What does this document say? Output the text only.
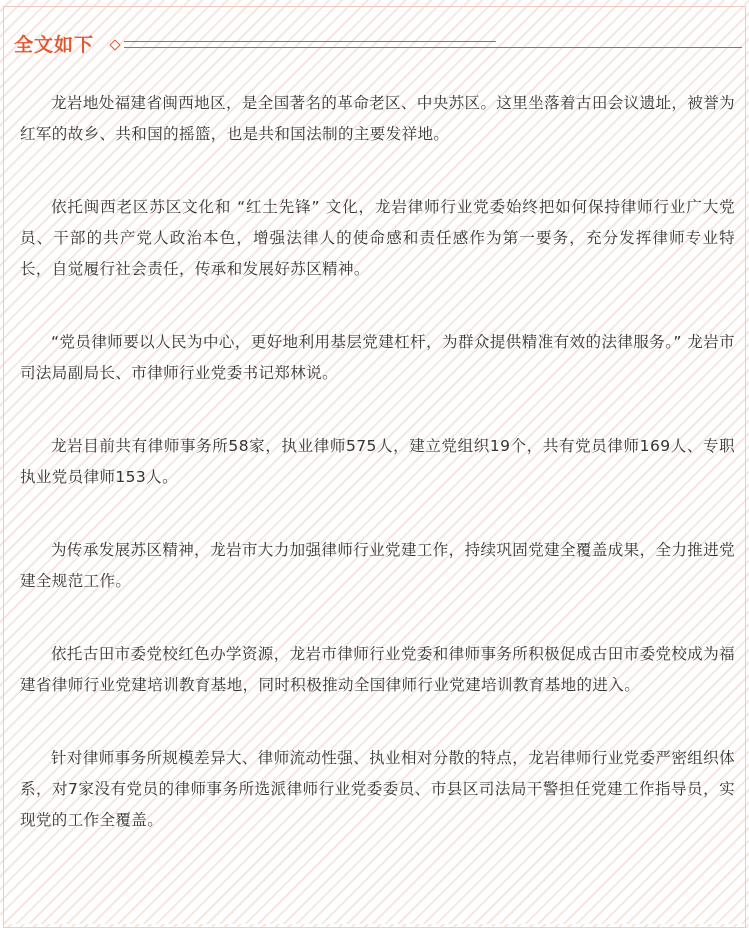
全文如下

龙岩地处福建省闽西地区，是全国著名的革命老区、中央苏区。这里坐落着古田会议遗址，被誉为红军的故乡、共和国的摇篮，也是共和国法制的主要发祥地。

依托闽西老区苏区文化和 “红土先锋” 文化，龙岩律师行业党委始终把如何保持律师行业广大党员、干部的共产党人政治本色，增强法律人的使命感和责任感作为第一要务，充分发挥律师专业特长，自觉履行社会责任，传承和发展好苏区精神。

“党员律师要以人民为中心，更好地利用基层党建杠杆，为群众提供精准有效的法律服务。” 龙岩市司法局副局长、市律师行业党委书记郑林说。

龙岩目前共有律师事务所58家，执业律师575人，建立党组织19个，共有党员律师169人、专职执业党员律师153人。

为传承发展苏区精神，龙岩市大力加强律师行业党建工作，持续巩固党建全覆盖成果，全力推进党建全规范工作。

依托古田市委党校红色办学资源，龙岩市律师行业党委和律师事务所积极促成古田市委党校成为福建省律师行业党建培训教育基地，同时积极推动全国律师行业党建培训教育基地的进入。

针对律师事务所规模差异大、律师流动性强、执业相对分散的特点，龙岩律师行业党委严密组织体系，对7家没有党员的律师事务所选派律师行业党委委员、市县区司法局干警担任党建工作指导员，实现党的工作全覆盖。
